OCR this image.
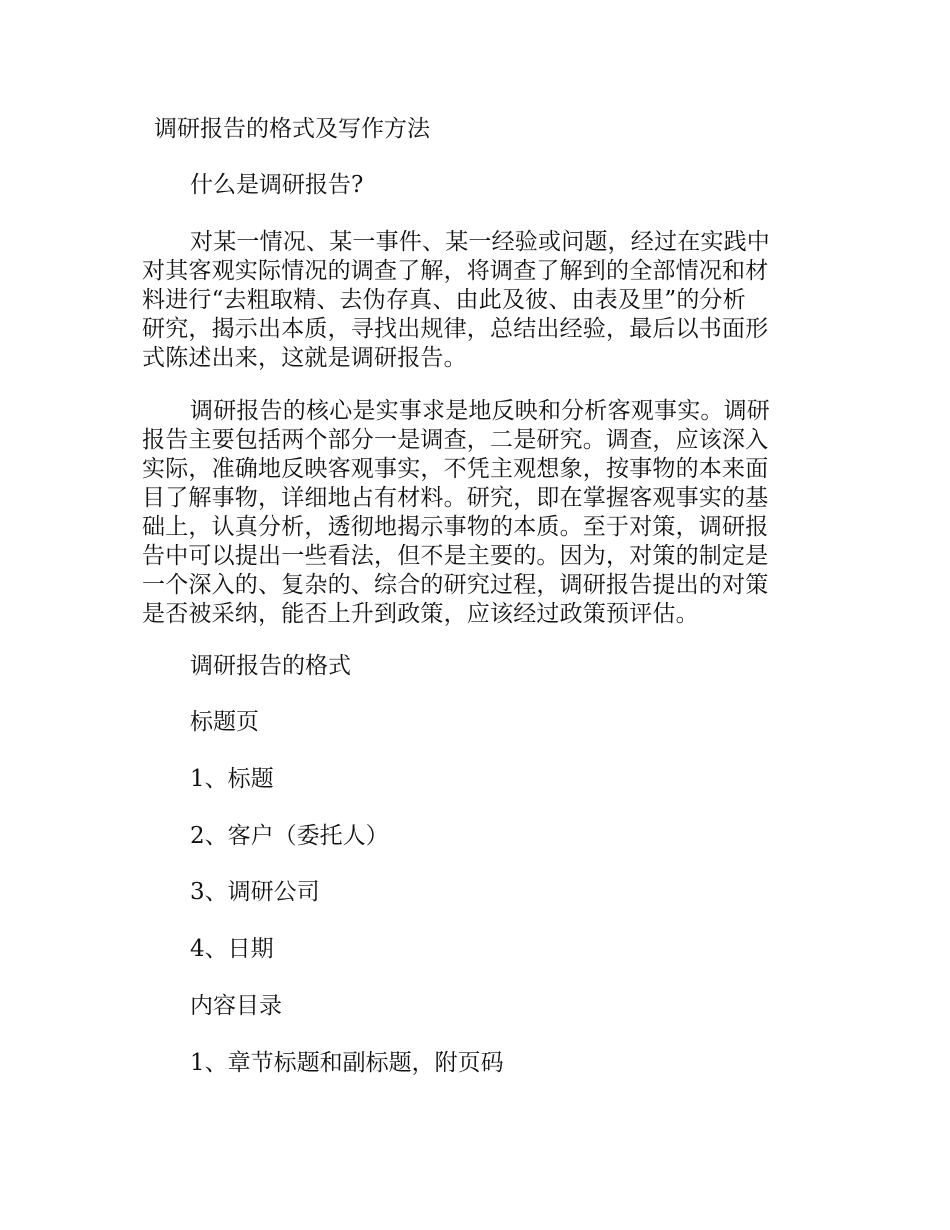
调研报告的格式及写作方法
什么是调研报告?
对某一情况、某一事件、某一经验或问题，经过在实践中
对其客观实际情况的调查了解，将调查了解到的全部情况和材
料进行“去粗取精、去伪存真、由此及彼、由表及里”的分析
研究，揭示出本质，寻找出规律，总结出经验，最后以书面形
式陈述出来，这就是调研报告。
调研报告的核心是实事求是地反映和分析客观事实。调研
报告主要包括两个部分一是调查，二是研究。调查，应该深入
实际，准确地反映客观事实，不凭主观想象，按事物的本来面
目了解事物，详细地占有材料。研究，即在掌握客观事实的基
础上，认真分析，透彻地揭示事物的本质。至于对策，调研报
告中可以提出一些看法，但不是主要的。因为，对策的制定是
一个深入的、复杂的、综合的研究过程，调研报告提出的对策
是否被采纳，能否上升到政策，应该经过政策预评估。
调研报告的格式
标题页
1、标题
2、客户（委托人）
3、调研公司
4、日期
内容目录
1、章节标题和副标题，附页码
